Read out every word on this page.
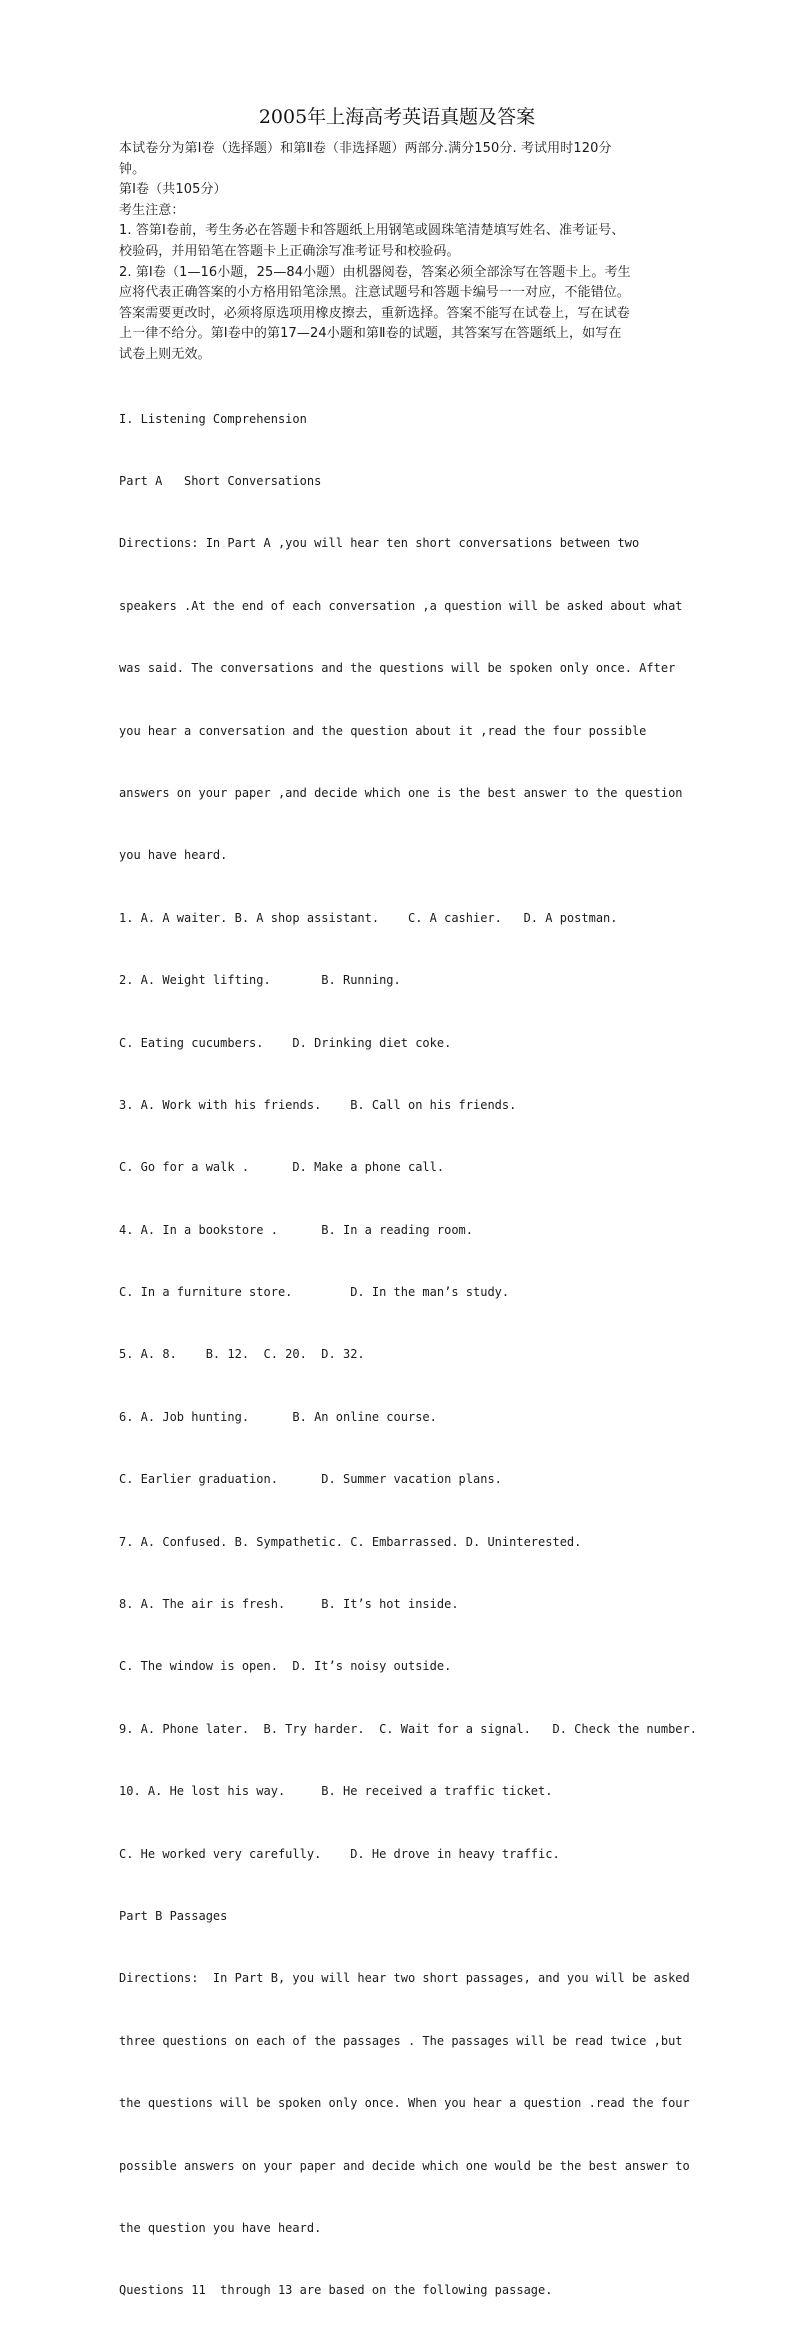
2005年上海高考英语真题及答案

本试卷分为第Ⅰ卷（选择题）和第Ⅱ卷（非选择题）两部分.满分150分. 考试用时120分

钟。

第Ⅰ卷（共105分）

考生注意：

1. 答第Ⅰ卷前，考生务必在答题卡和答题纸上用钢笔或圆珠笔清楚填写姓名、准考证号、

校验码，并用铅笔在答题卡上正确涂写准考证号和校验码。

2. 第Ⅰ卷（1—16小题，25—84小题）由机器阅卷，答案必须全部涂写在答题卡上。考生

应将代表正确答案的小方格用铅笔涂黑。注意试题号和答题卡编号一一对应，不能错位。

答案需要更改时，必须将原选项用橡皮擦去，重新选择。答案不能写在试卷上，写在试卷

上一律不给分。第Ⅰ卷中的第17—24小题和第Ⅱ卷的试题，其答案写在答题纸上，如写在

试卷上则无效。

I. Listening Comprehension

Part A   Short Conversations

Directions: In Part A ,you will hear ten short conversations between two

speakers .At the end of each conversation ,a question will be asked about what

was said. The conversations and the questions will be spoken only once. After

you hear a conversation and the question about it ,read the four possible

answers on your paper ,and decide which one is the best answer to the question

you have heard.

1. A. A waiter. B. A shop assistant.    C. A cashier.   D. A postman.

2. A. Weight lifting.       B. Running.

C. Eating cucumbers.    D. Drinking diet coke.

3. A. Work with his friends.    B. Call on his friends.

C. Go for a walk .      D. Make a phone call.

4. A. In a bookstore .      B. In a reading room.

C. In a furniture store.        D. In the man’s study.

5. A. 8.    B. 12.  C. 20.  D. 32.

6. A. Job hunting.      B. An online course.

C. Earlier graduation.      D. Summer vacation plans.

7. A. Confused. B. Sympathetic. C. Embarrassed. D. Uninterested.

8. A. The air is fresh.     B. It’s hot inside.

C. The window is open.  D. It’s noisy outside.

9. A. Phone later.  B. Try harder.  C. Wait for a signal.   D. Check the number.

10. A. He lost his way.     B. He received a traffic ticket.

C. He worked very carefully.    D. He drove in heavy traffic.

Part B Passages

Directions:  In Part B, you will hear two short passages, and you will be asked

three questions on each of the passages . The passages will be read twice ,but

the questions will be spoken only once. When you hear a question .read the four

possible answers on your paper and decide which one would be the best answer to

the question you have heard.

Questions 11  through 13 are based on the following passage.
